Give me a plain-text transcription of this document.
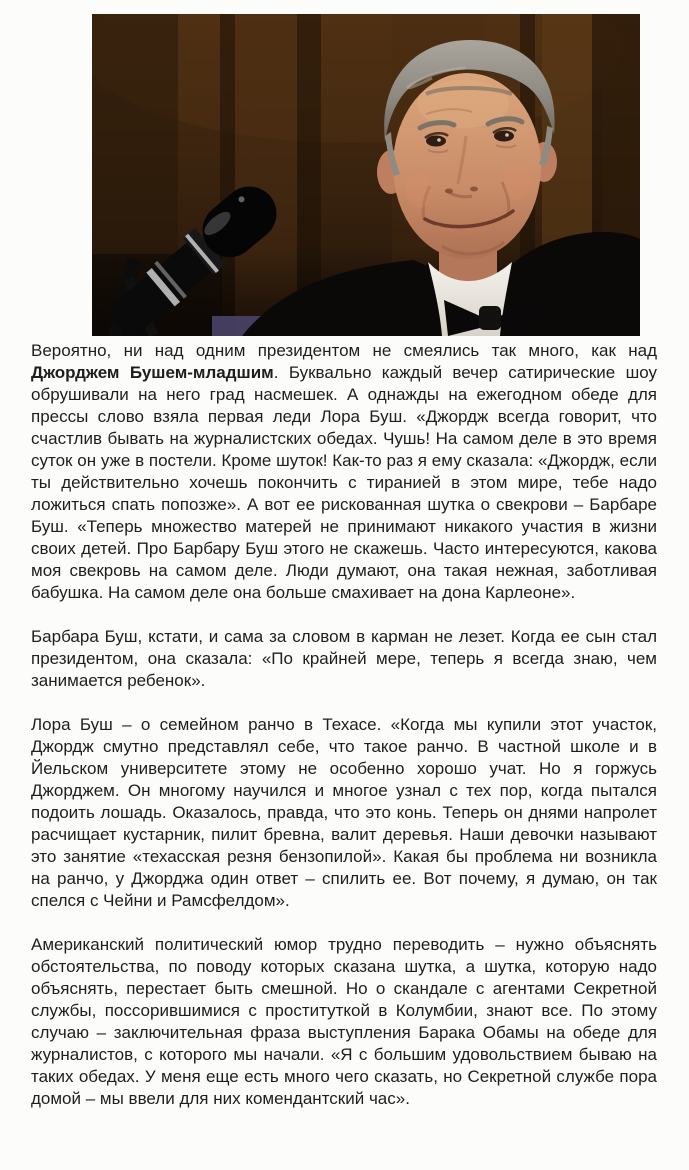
Вероятно, ни над одним президентом не смеялись так много, как над Джорджем Бушем-младшим. Буквально каждый вечер сатирические шоу обрушивали на него град насмешек. А однажды на ежегодном обеде для прессы слово взяла первая леди Лора Буш. «Джордж всегда говорит, что счастлив бывать на журналистских обедах. Чушь! На самом деле в это время суток он уже в постели. Кроме шуток! Как-то раз я ему сказала: «Джордж, если ты действительно хочешь покончить с тиранией в этом мире, тебе надо ложиться спать попозже». А вот ее рискованная шутка о свекрови – Барбаре Буш. «Теперь множество матерей не принимают никакого участия в жизни своих детей. Про Барбару Буш этого не скажешь. Часто интересуются, какова моя свекровь на самом деле. Люди думают, она такая нежная, заботливая бабушка. На самом деле она больше смахивает на дона Карлеоне».

Барбара Буш, кстати, и сама за словом в карман не лезет. Когда ее сын стал президентом, она сказала: «По крайней мере, теперь я всегда знаю, чем занимается ребенок».

Лора Буш – о семейном ранчо в Техасе. «Когда мы купили этот участок, Джордж смутно представлял себе, что такое ранчо. В частной школе и в Йельском университете этому не особенно хорошо учат. Но я горжусь Джорджем. Он многому научился и многое узнал с тех пор, когда пытался подоить лошадь. Оказалось, правда, что это конь. Теперь он днями напролет расчищает кустарник, пилит бревна, валит деревья. Наши девочки называют это занятие «техасская резня бензопилой». Какая бы проблема ни возникла на ранчо, у Джорджа один ответ – спилить ее. Вот почему, я думаю, он так спелся с Чейни и Рамсфелдом».

Американский политический юмор трудно переводить – нужно объяснять обстоятельства, по поводу которых сказана шутка, а шутка, которую надо объяснять, перестает быть смешной. Но о скандале с агентами Секретной службы, поссорившимися с проституткой в Колумбии, знают все. По этому случаю – заключительная фраза выступления Барака Обамы на обеде для журналистов, с которого мы начали. «Я с большим удовольствием бываю на таких обедах. У меня еще есть много чего сказать, но Секретной службе пора домой – мы ввели для них комендантский час».
